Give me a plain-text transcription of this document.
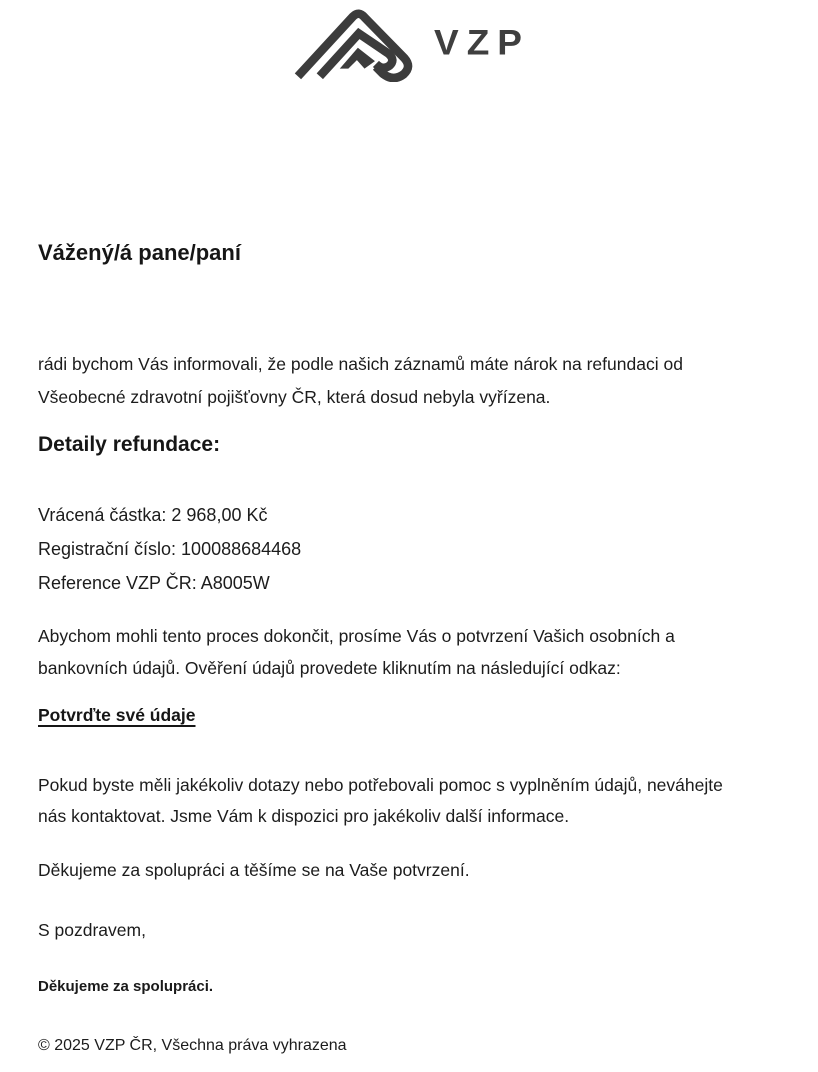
VZP
Vážený/á pane/paní
rádi bychom Vás informovali, že podle našich záznamů máte nárok na refundaci od
Všeobecné zdravotní pojišťovny ČR, která dosud nebyla vyřízena.
Detaily refundace:
Vrácená částka: 2 968,00 Kč
Registrační číslo: 100088684468
Reference VZP ČR: A8005W
Abychom mohli tento proces dokončit, prosíme Vás o potvrzení Vašich osobních a
bankovních údajů. Ověření údajů provedete kliknutím na následující odkaz:
Potvrďte své údaje
Pokud byste měli jakékoliv dotazy nebo potřebovali pomoc s vyplněním údajů, neváhejte
nás kontaktovat. Jsme Vám k dispozici pro jakékoliv další informace.
Děkujeme za spolupráci a těšíme se na Vaše potvrzení.
S pozdravem,
Děkujeme za spolupráci.
© 2025 VZP ČR, Všechna práva vyhrazena
